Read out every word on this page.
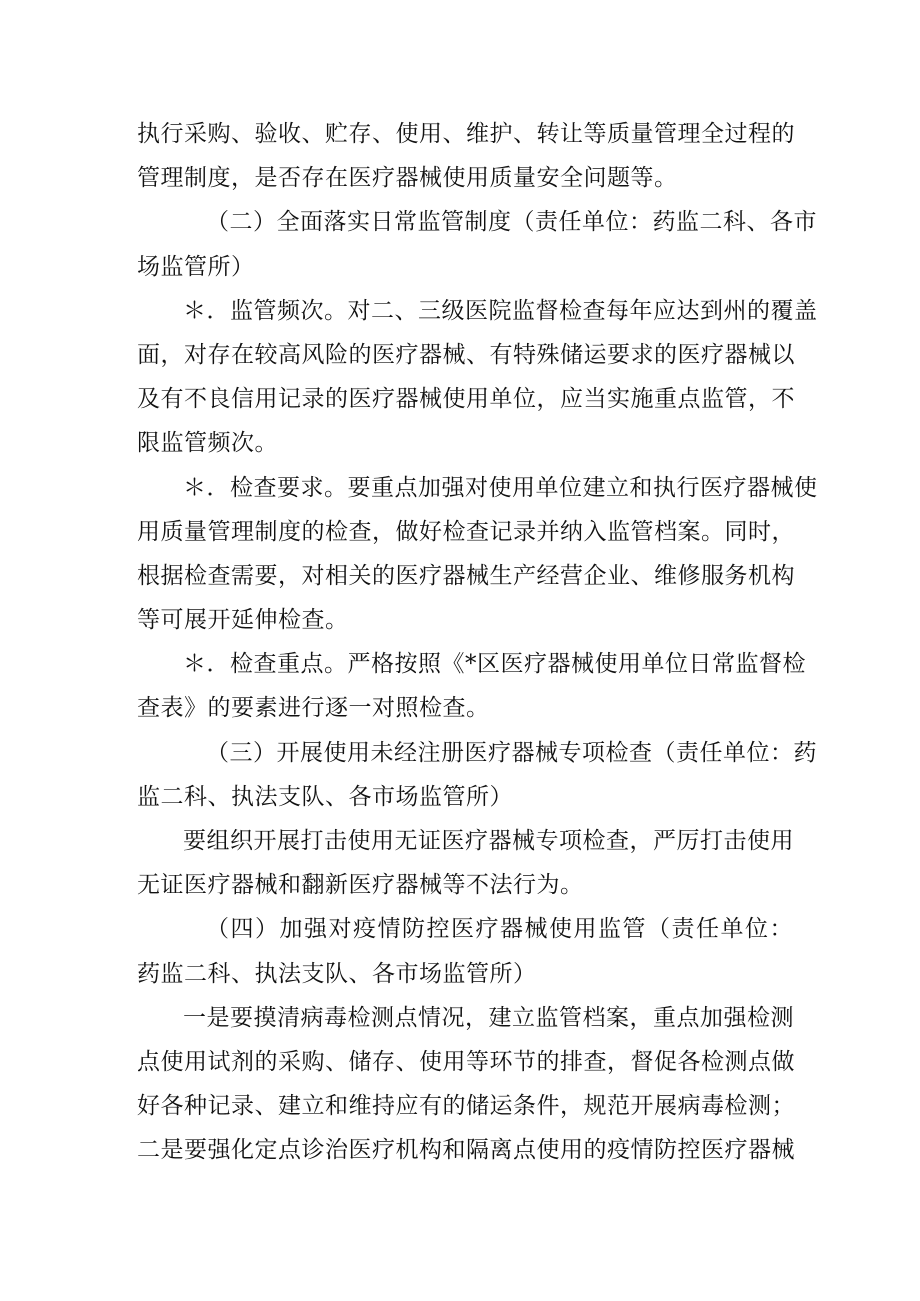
执行采购、验收、贮存、使用、维护、转让等质量管理全过程的
管理制度，是否存在医疗器械使用质量安全问题等。
（二）全面落实日常监管制度（责任单位：药监二科、各市
场监管所）
＊．监管频次。对二、三级医院监督检查每年应达到州的覆盖
面，对存在较高风险的医疗器械、有特殊储运要求的医疗器械以
及有不良信用记录的医疗器械使用单位，应当实施重点监管，不
限监管频次。
＊．检查要求。要重点加强对使用单位建立和执行医疗器械使
用质量管理制度的检查，做好检查记录并纳入监管档案。同时，
根据检查需要，对相关的医疗器械生产经营企业、维修服务机构
等可展开延伸检查。
＊．检查重点。严格按照《*区医疗器械使用单位日常监督检
查表》的要素进行逐一对照检查。
（三）开展使用未经注册医疗器械专项检查（责任单位：药
监二科、执法支队、各市场监管所）
要组织开展打击使用无证医疗器械专项检查，严厉打击使用
无证医疗器械和翻新医疗器械等不法行为。
（四）加强对疫情防控医疗器械使用监管（责任单位：
药监二科、执法支队、各市场监管所）
一是要摸清病毒检测点情况，建立监管档案，重点加强检测
点使用试剂的采购、储存、使用等环节的排查，督促各检测点做
好各种记录、建立和维持应有的储运条件，规范开展病毒检测；
二是要强化定点诊治医疗机构和隔离点使用的疫情防控医疗器械
